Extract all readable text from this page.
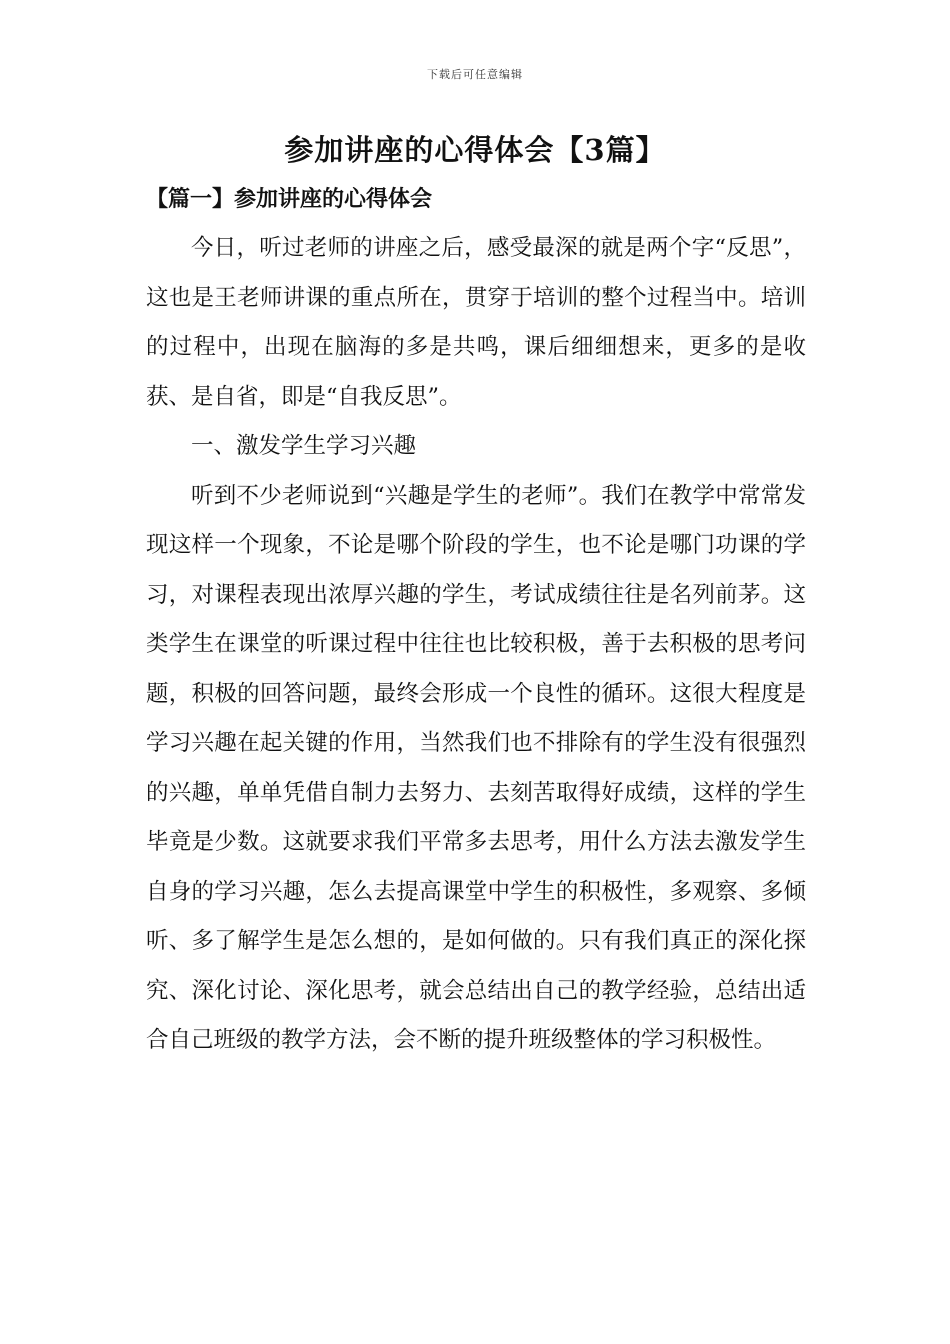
下载后可任意编辑
参加讲座的心得体会【3篇】
【篇一】参加讲座的心得体会

今日，听过老师的讲座之后，感受最深的就是两个字“反思”，这也是王老师讲课的重点所在，贯穿于培训的整个过程当中。培训的过程中，出现在脑海的多是共鸣，课后细细想来，更多的是收获、是自省，即是“自我反思”。

一、激发学生学习兴趣

听到不少老师说到“兴趣是学生的老师”。我们在教学中常常发现这样一个现象，不论是哪个阶段的学生，也不论是哪门功课的学习，对课程表现出浓厚兴趣的学生，考试成绩往往是名列前茅。这类学生在课堂的听课过程中往往也比较积极，善于去积极的思考问题，积极的回答问题，最终会形成一个良性的循环。这很大程度是学习兴趣在起关键的作用，当然我们也不排除有的学生没有很强烈的兴趣，单单凭借自制力去努力、去刻苦取得好成绩，这样的学生毕竟是少数。这就要求我们平常多去思考，用什么方法去激发学生自身的学习兴趣，怎么去提高课堂中学生的积极性，多观察、多倾听、多了解学生是怎么想的，是如何做的。只有我们真正的深化探究、深化讨论、深化思考，就会总结出自己的教学经验，总结出适合自己班级的教学方法，会不断的提升班级整体的学习积极性。
